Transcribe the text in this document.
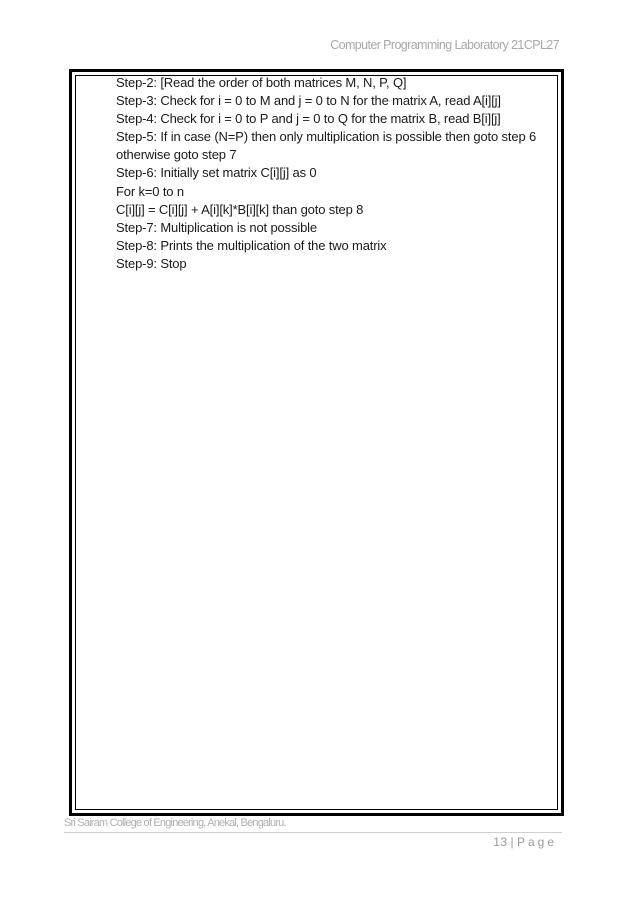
Computer Programming Laboratory 21CPL27
Step-2: [Read the order of both matrices M, N, P, Q]
Step-3: Check for i = 0 to M and j = 0 to N for the matrix A, read A[i][j]
Step-4: Check for i = 0 to P and j = 0 to Q for the matrix B, read B[i][j]
Step-5: If in case (N=P) then only multiplication is possible then goto step 6
otherwise goto step 7
Step-6: Initially set matrix C[i][j] as 0
For k=0 to n
C[i][j] = C[i][j] + A[i][k]*B[i][k] than goto step 8
Step-7: Multiplication is not possible
Step-8: Prints the multiplication of the two matrix
Step-9: Stop
Sri Sairam College of Engineering, Anekal, Bengaluru.
13 | Page
